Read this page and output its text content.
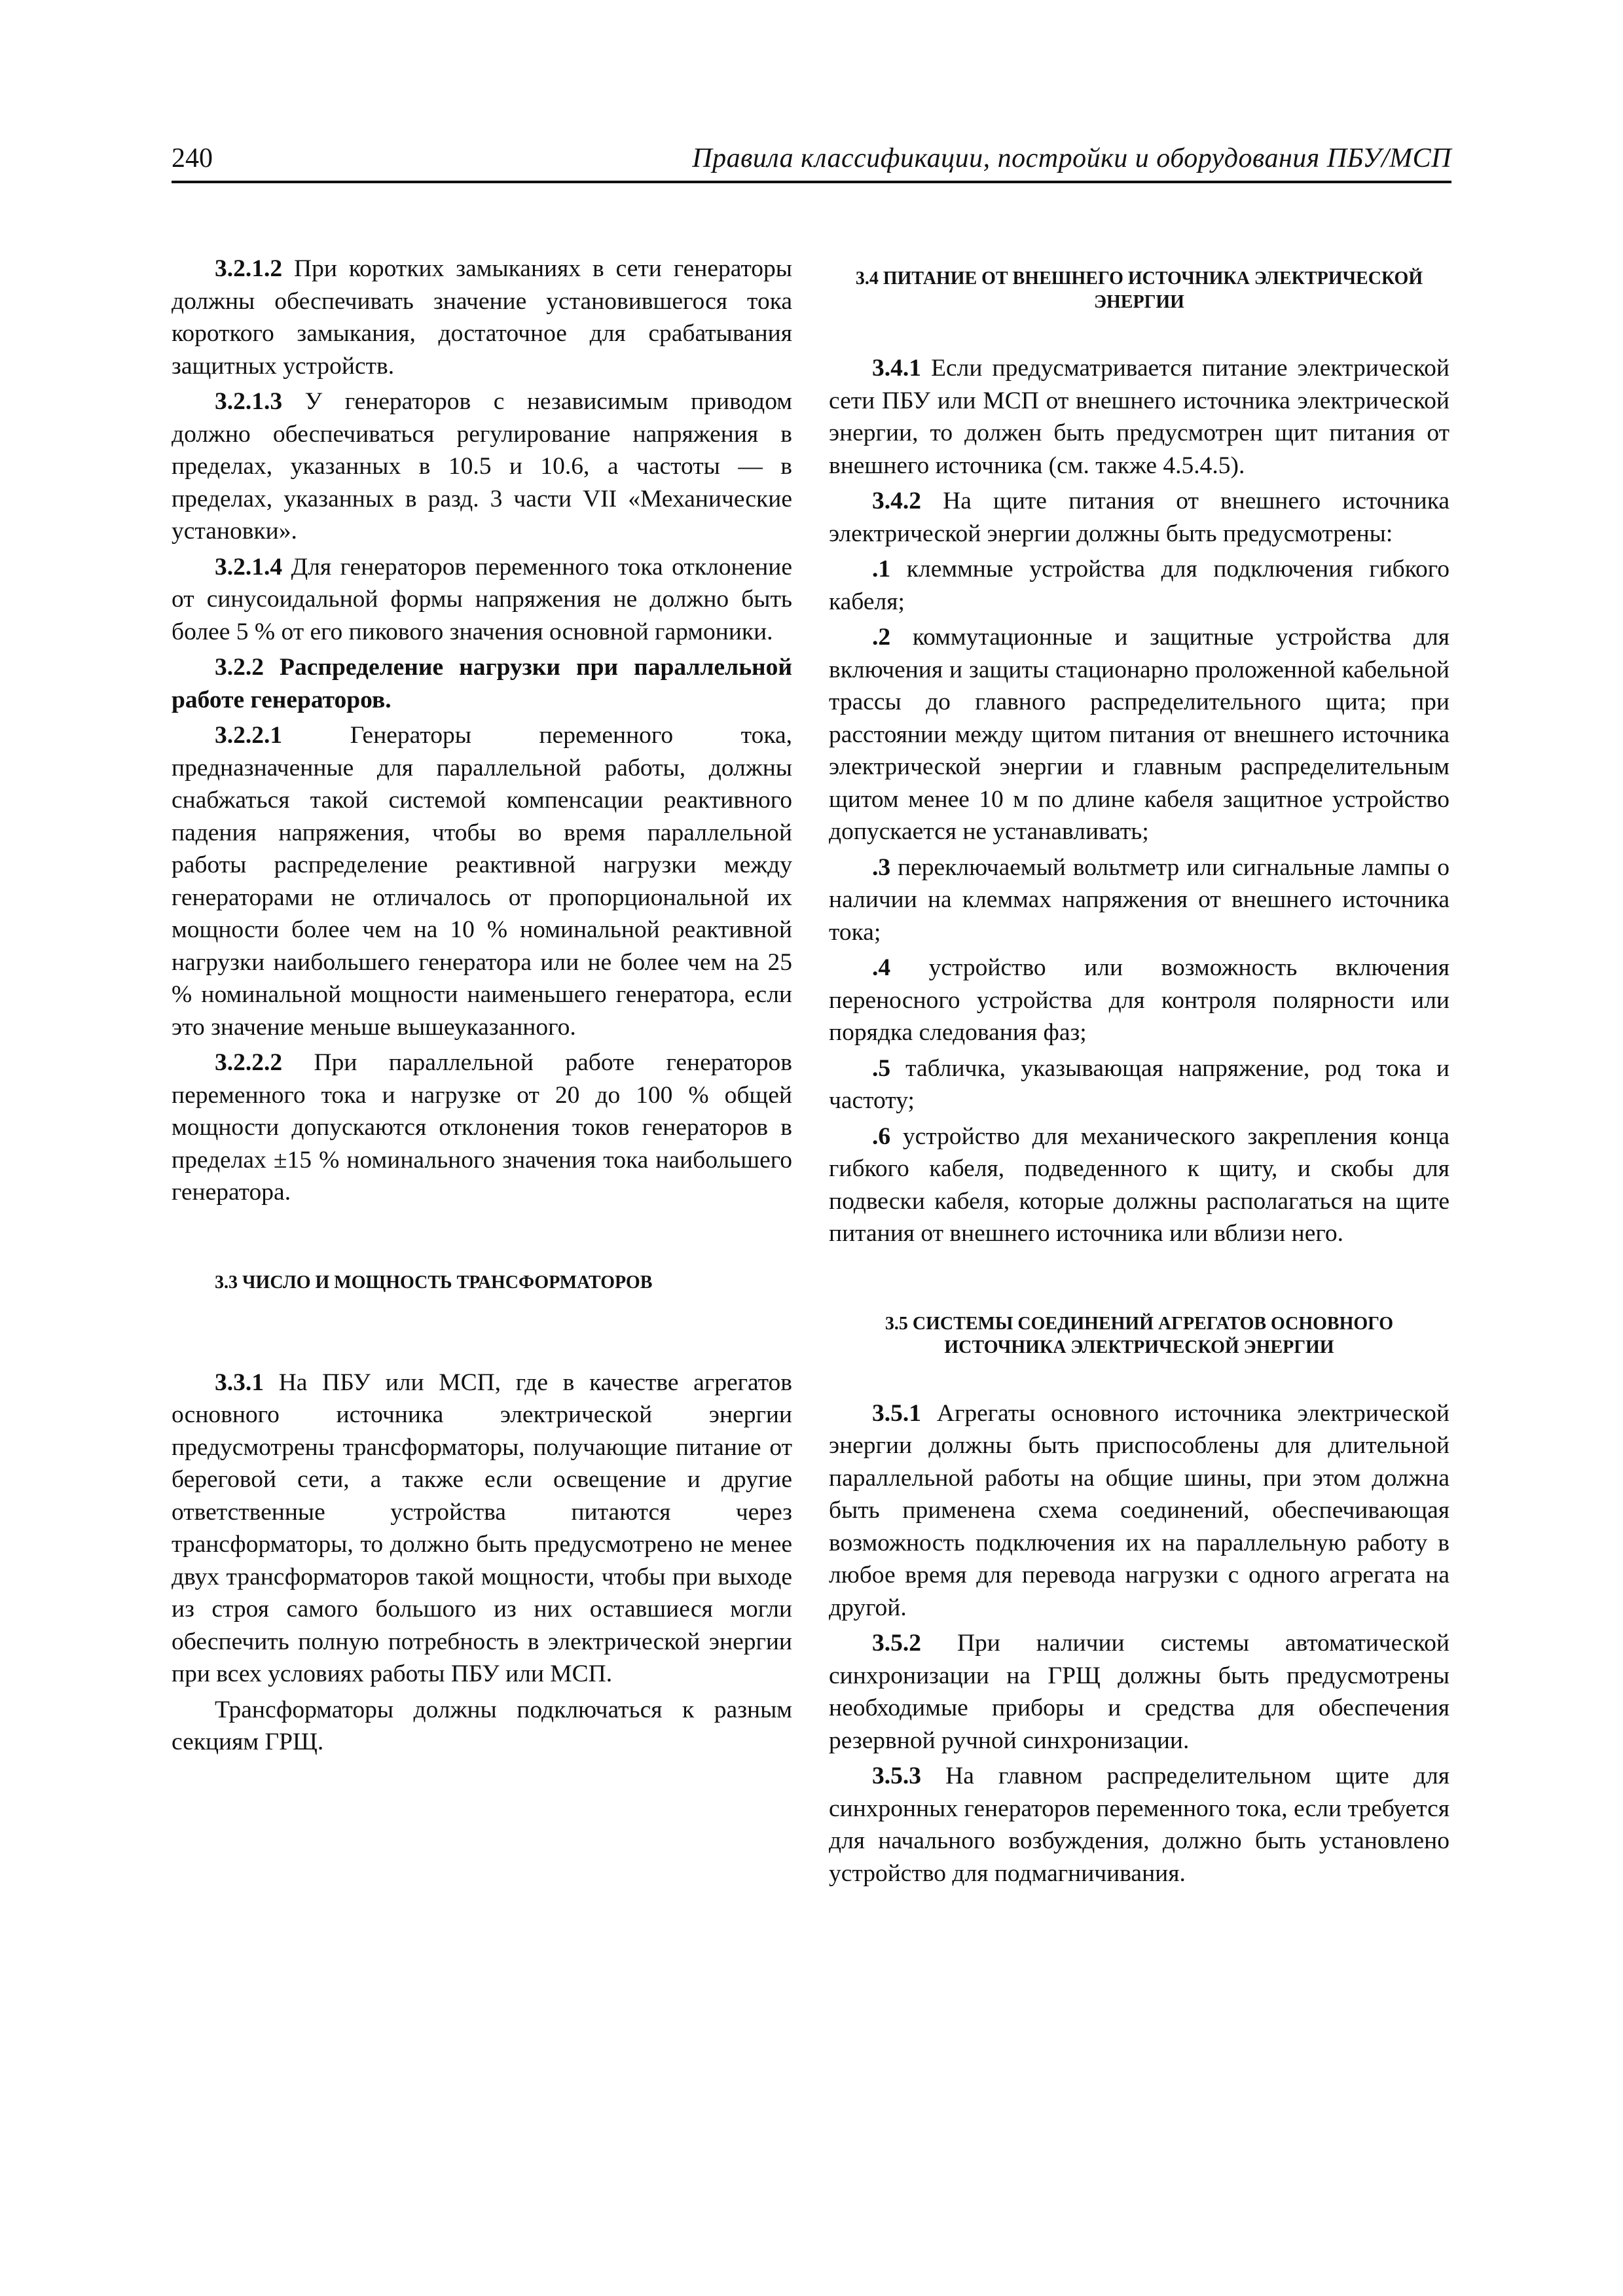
240	Правила классификации, постройки и оборудования ПБУ/МСП

3.2.1.2 При коротких замыканиях в сети генераторы должны обеспечивать значение установившегося тока короткого замыкания, достаточное для срабатывания защитных устройств.

3.2.1.3 У генераторов с независимым приводом должно обеспечиваться регулирование напряжения в пределах, указанных в 10.5 и 10.6, а частоты — в пределах, указанных в разд. 3 части VII «Механические установки».

3.2.1.4 Для генераторов переменного тока отклонение от синусоидальной формы напряжения не должно быть более 5 % от его пикового значения основной гармоники.

3.2.2 Распределение нагрузки при параллельной работе генераторов.

3.2.2.1 Генераторы переменного тока, предназначенные для параллельной работы, должны снабжаться такой системой компенсации реактивного падения напряжения, чтобы во время параллельной работы распределение реактивной нагрузки между генераторами не отличалось от пропорциональной их мощности более чем на 10 % номинальной реактивной нагрузки наибольшего генератора или не более чем на 25 % номинальной мощности наименьшего генератора, если это значение меньше вышеуказанного.

3.2.2.2 При параллельной работе генераторов переменного тока и нагрузке от 20 до 100 % общей мощности допускаются отклонения токов генераторов в пределах ±15 % номинального значения тока наибольшего генератора.

3.3 ЧИСЛО И МОЩНОСТЬ ТРАНСФОРМАТОРОВ

3.3.1 На ПБУ или МСП, где в качестве агрегатов основного источника электрической энергии предусмотрены трансформаторы, получающие питание от береговой сети, а также если освещение и другие ответственные устройства питаются через трансформаторы, то должно быть предусмотрено не менее двух трансформаторов такой мощности, чтобы при выходе из строя самого большого из них оставшиеся могли обеспечить полную потребность в электрической энергии при всех условиях работы ПБУ или МСП.

Трансформаторы должны подключаться к разным секциям ГРЩ.

3.4 ПИТАНИЕ ОТ ВНЕШНЕГО ИСТОЧНИКА ЭЛЕКТРИЧЕСКОЙ ЭНЕРГИИ

3.4.1 Если предусматривается питание электрической сети ПБУ или МСП от внешнего источника электрической энергии, то должен быть предусмотрен щит питания от внешнего источника (см. также 4.5.4.5).

3.4.2 На щите питания от внешнего источника электрической энергии должны быть предусмотрены:

.1 клеммные устройства для подключения гибкого кабеля;

.2 коммутационные и защитные устройства для включения и защиты стационарно проложенной кабельной трассы до главного распределительного щита; при расстоянии между щитом питания от внешнего источника электрической энергии и главным распределительным щитом менее 10 м по длине кабеля защитное устройство допускается не устанавливать;

.3 переключаемый вольтметр или сигнальные лампы о наличии на клеммах напряжения от внешнего источника тока;

.4 устройство или возможность включения переносного устройства для контроля полярности или порядка следования фаз;

.5 табличка, указывающая напряжение, род тока и частоту;

.6 устройство для механического закрепления конца гибкого кабеля, подведенного к щиту, и скобы для подвески кабеля, которые должны располагаться на щите питания от внешнего источника или вблизи него.

3.5 СИСТЕМЫ СОЕДИНЕНИЙ АГРЕГАТОВ ОСНОВНОГО ИСТОЧНИКА ЭЛЕКТРИЧЕСКОЙ ЭНЕРГИИ

3.5.1 Агрегаты основного источника электрической энергии должны быть приспособлены для длительной параллельной работы на общие шины, при этом должна быть применена схема соединений, обеспечивающая возможность подключения их на параллельную работу в любое время для перевода нагрузки с одного агрегата на другой.

3.5.2 При наличии системы автоматической синхронизации на ГРЩ должны быть предусмотрены необходимые приборы и средства для обеспечения резервной ручной синхронизации.

3.5.3 На главном распределительном щите для синхронных генераторов переменного тока, если требуется для начального возбуждения, должно быть установлено устройство для подмагничивания.
